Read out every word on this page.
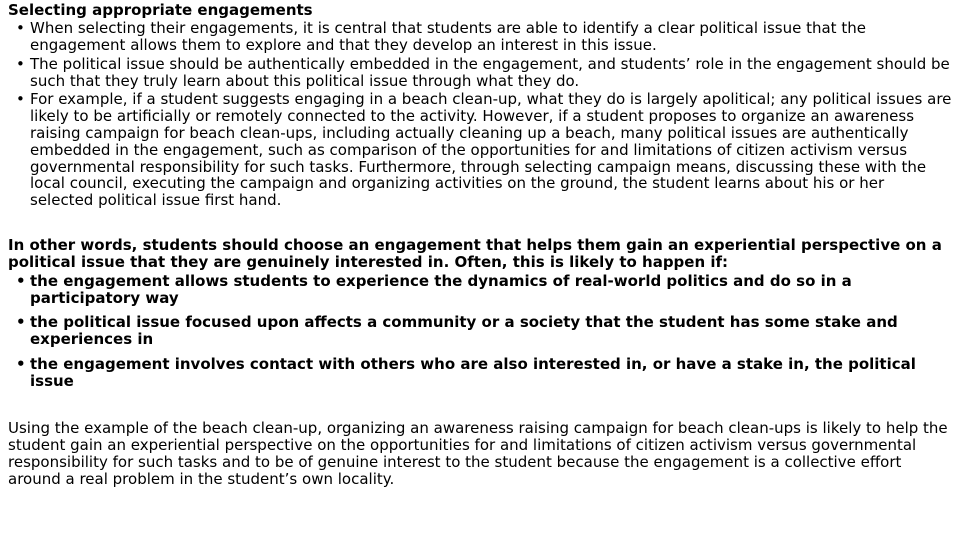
Selecting appropriate engagements
• When selecting their engagements, it is central that students are able to identify a clear political issue that the engagement allows them to explore and that they develop an interest in this issue.
• The political issue should be authentically embedded in the engagement, and students’ role in the engagement should be such that they truly learn about this political issue through what they do.
• For example, if a student suggests engaging in a beach clean-up, what they do is largely apolitical; any political issues are likely to be artificially or remotely connected to the activity. However, if a student proposes to organize an awareness raising campaign for beach clean-ups, including actually cleaning up a beach, many political issues are authentically embedded in the engagement, such as comparison of the opportunities for and limitations of citizen activism versus governmental responsibility for such tasks. Furthermore, through selecting campaign means, discussing these with the local council, executing the campaign and organizing activities on the ground, the student learns about his or her selected political issue first hand.

In other words, students should choose an engagement that helps them gain an experiential perspective on a political issue that they are genuinely interested in. Often, this is likely to happen if:

• the engagement allows students to experience the dynamics of real-world politics and do so in a participatory way
• the political issue focused upon affects a community or a society that the student has some stake and experiences in
• the engagement involves contact with others who are also interested in, or have a stake in, the political issue

Using the example of the beach clean-up, organizing an awareness raising campaign for beach clean-ups is likely to help the student gain an experiential perspective on the opportunities for and limitations of citizen activism versus governmental responsibility for such tasks and to be of genuine interest to the student because the engagement is a collective effort around a real problem in the student’s own locality.
